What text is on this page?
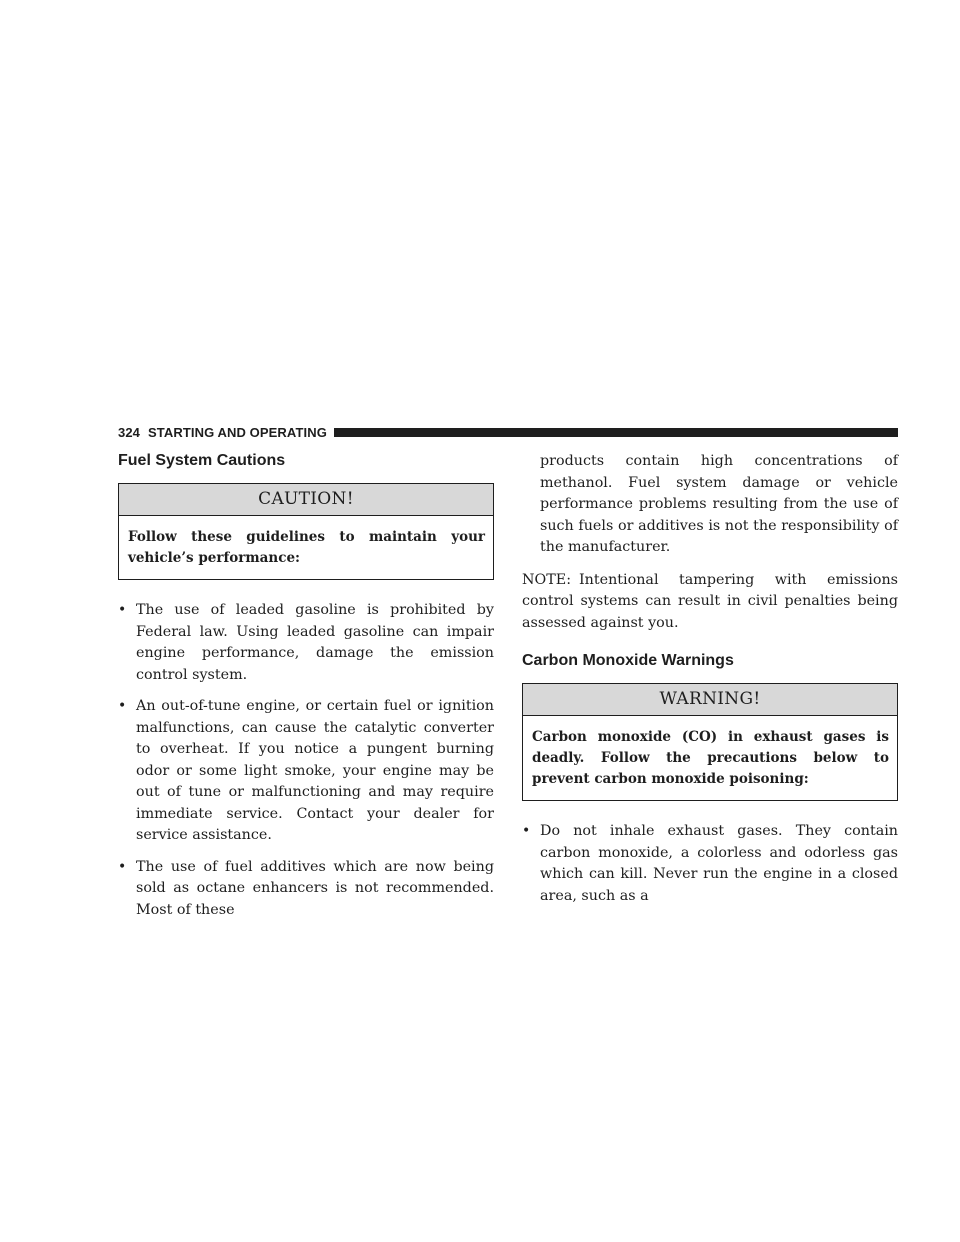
324 STARTING AND OPERATING
Fuel System Cautions
CAUTION!
Follow these guidelines to maintain your vehicle’s performance:
• The use of leaded gasoline is prohibited by Federal law. Using leaded gasoline can impair engine performance, damage the emission control system.
• An out-of-tune engine, or certain fuel or ignition malfunctions, can cause the catalytic converter to overheat. If you notice a pungent burning odor or some light smoke, your engine may be out of tune or malfunctioning and may require immediate service. Contact your dealer for service assistance.
• The use of fuel additives which are now being sold as octane enhancers is not recommended. Most of these

products contain high concentrations of methanol. Fuel system damage or vehicle performance problems resulting from the use of such fuels or additives is not the responsibility of the manufacturer.

NOTE: Intentional tampering with emissions control systems can result in civil penalties being assessed against you.

Carbon Monoxide Warnings
WARNING!
Carbon monoxide (CO) in exhaust gases is deadly. Follow the precautions below to prevent carbon monoxide poisoning:
• Do not inhale exhaust gases. They contain carbon monoxide, a colorless and odorless gas which can kill. Never run the engine in a closed area, such as a
